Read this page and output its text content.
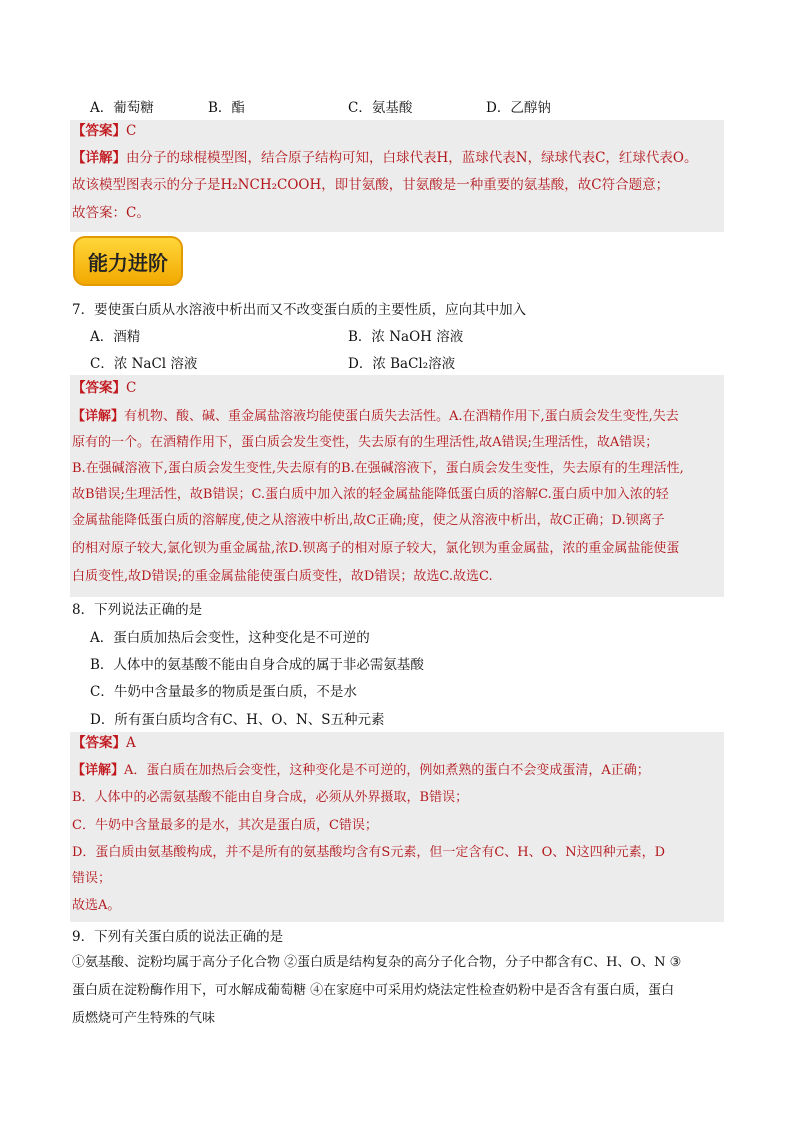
A．葡萄糖	B．酯	C．氨基酸	D．乙醇钠
【答案】C
【详解】由分子的球棍模型图，结合原子结构可知，白球代表H，蓝球代表N，绿球代表C，红球代表O。
故该模型图表示的分子是H₂NCH₂COOH，即甘氨酸，甘氨酸是一种重要的氨基酸，故C符合题意；
故答案：C。
能力进阶
7．要使蛋白质从水溶液中析出而又不改变蛋白质的主要性质，应向其中加入
A．酒精	B．浓 NaOH 溶液
C．浓 NaCl 溶液	D．浓 BaCl₂溶液
【答案】C
【详解】有机物、酸、碱、重金属盐溶液均能使蛋白质失去活性。A.在酒精作用下,蛋白质会发生变性,失去
原有的一个。在酒精作用下，蛋白质会发生变性，失去原有的生理活性,故A错误;生理活性，故A错误；
B.在强碱溶液下,蛋白质会发生变性,失去原有的B.在强碱溶液下，蛋白质会发生变性，失去原有的生理活性,
故B错误;生理活性，故B错误；C.蛋白质中加入浓的轻金属盐能降低蛋白质的溶解C.蛋白质中加入浓的轻
金属盐能降低蛋白质的溶解度,使之从溶液中析出,故C正确;度，使之从溶液中析出，故C正确；D.钡离子
的相对原子较大,氯化钡为重金属盐,浓D.钡离子的相对原子较大，氯化钡为重金属盐，浓的重金属盐能使蛋
白质变性,故D错误;的重金属盐能使蛋白质变性，故D错误；故选C.故选C.
8．下列说法正确的是
A．蛋白质加热后会变性，这种变化是不可逆的
B．人体中的氨基酸不能由自身合成的属于非必需氨基酸
C．牛奶中含量最多的物质是蛋白质，不是水
D．所有蛋白质均含有C、H、O、N、S五种元素
【答案】A
【详解】A．蛋白质在加热后会变性，这种变化是不可逆的，例如煮熟的蛋白不会变成蛋清，A正确；
B．人体中的必需氨基酸不能由自身合成，必须从外界摄取，B错误；
C．牛奶中含量最多的是水，其次是蛋白质，C错误；
D．蛋白质由氨基酸构成，并不是所有的氨基酸均含有S元素，但一定含有C、H、O、N这四种元素，D
错误；
故选A。
9．下列有关蛋白质的说法正确的是
①氨基酸、淀粉均属于高分子化合物 ②蛋白质是结构复杂的高分子化合物，分子中都含有C、H、O、N ③
蛋白质在淀粉酶作用下，可水解成葡萄糖 ④在家庭中可采用灼烧法定性检查奶粉中是否含有蛋白质，蛋白
质燃烧可产生特殊的气味
